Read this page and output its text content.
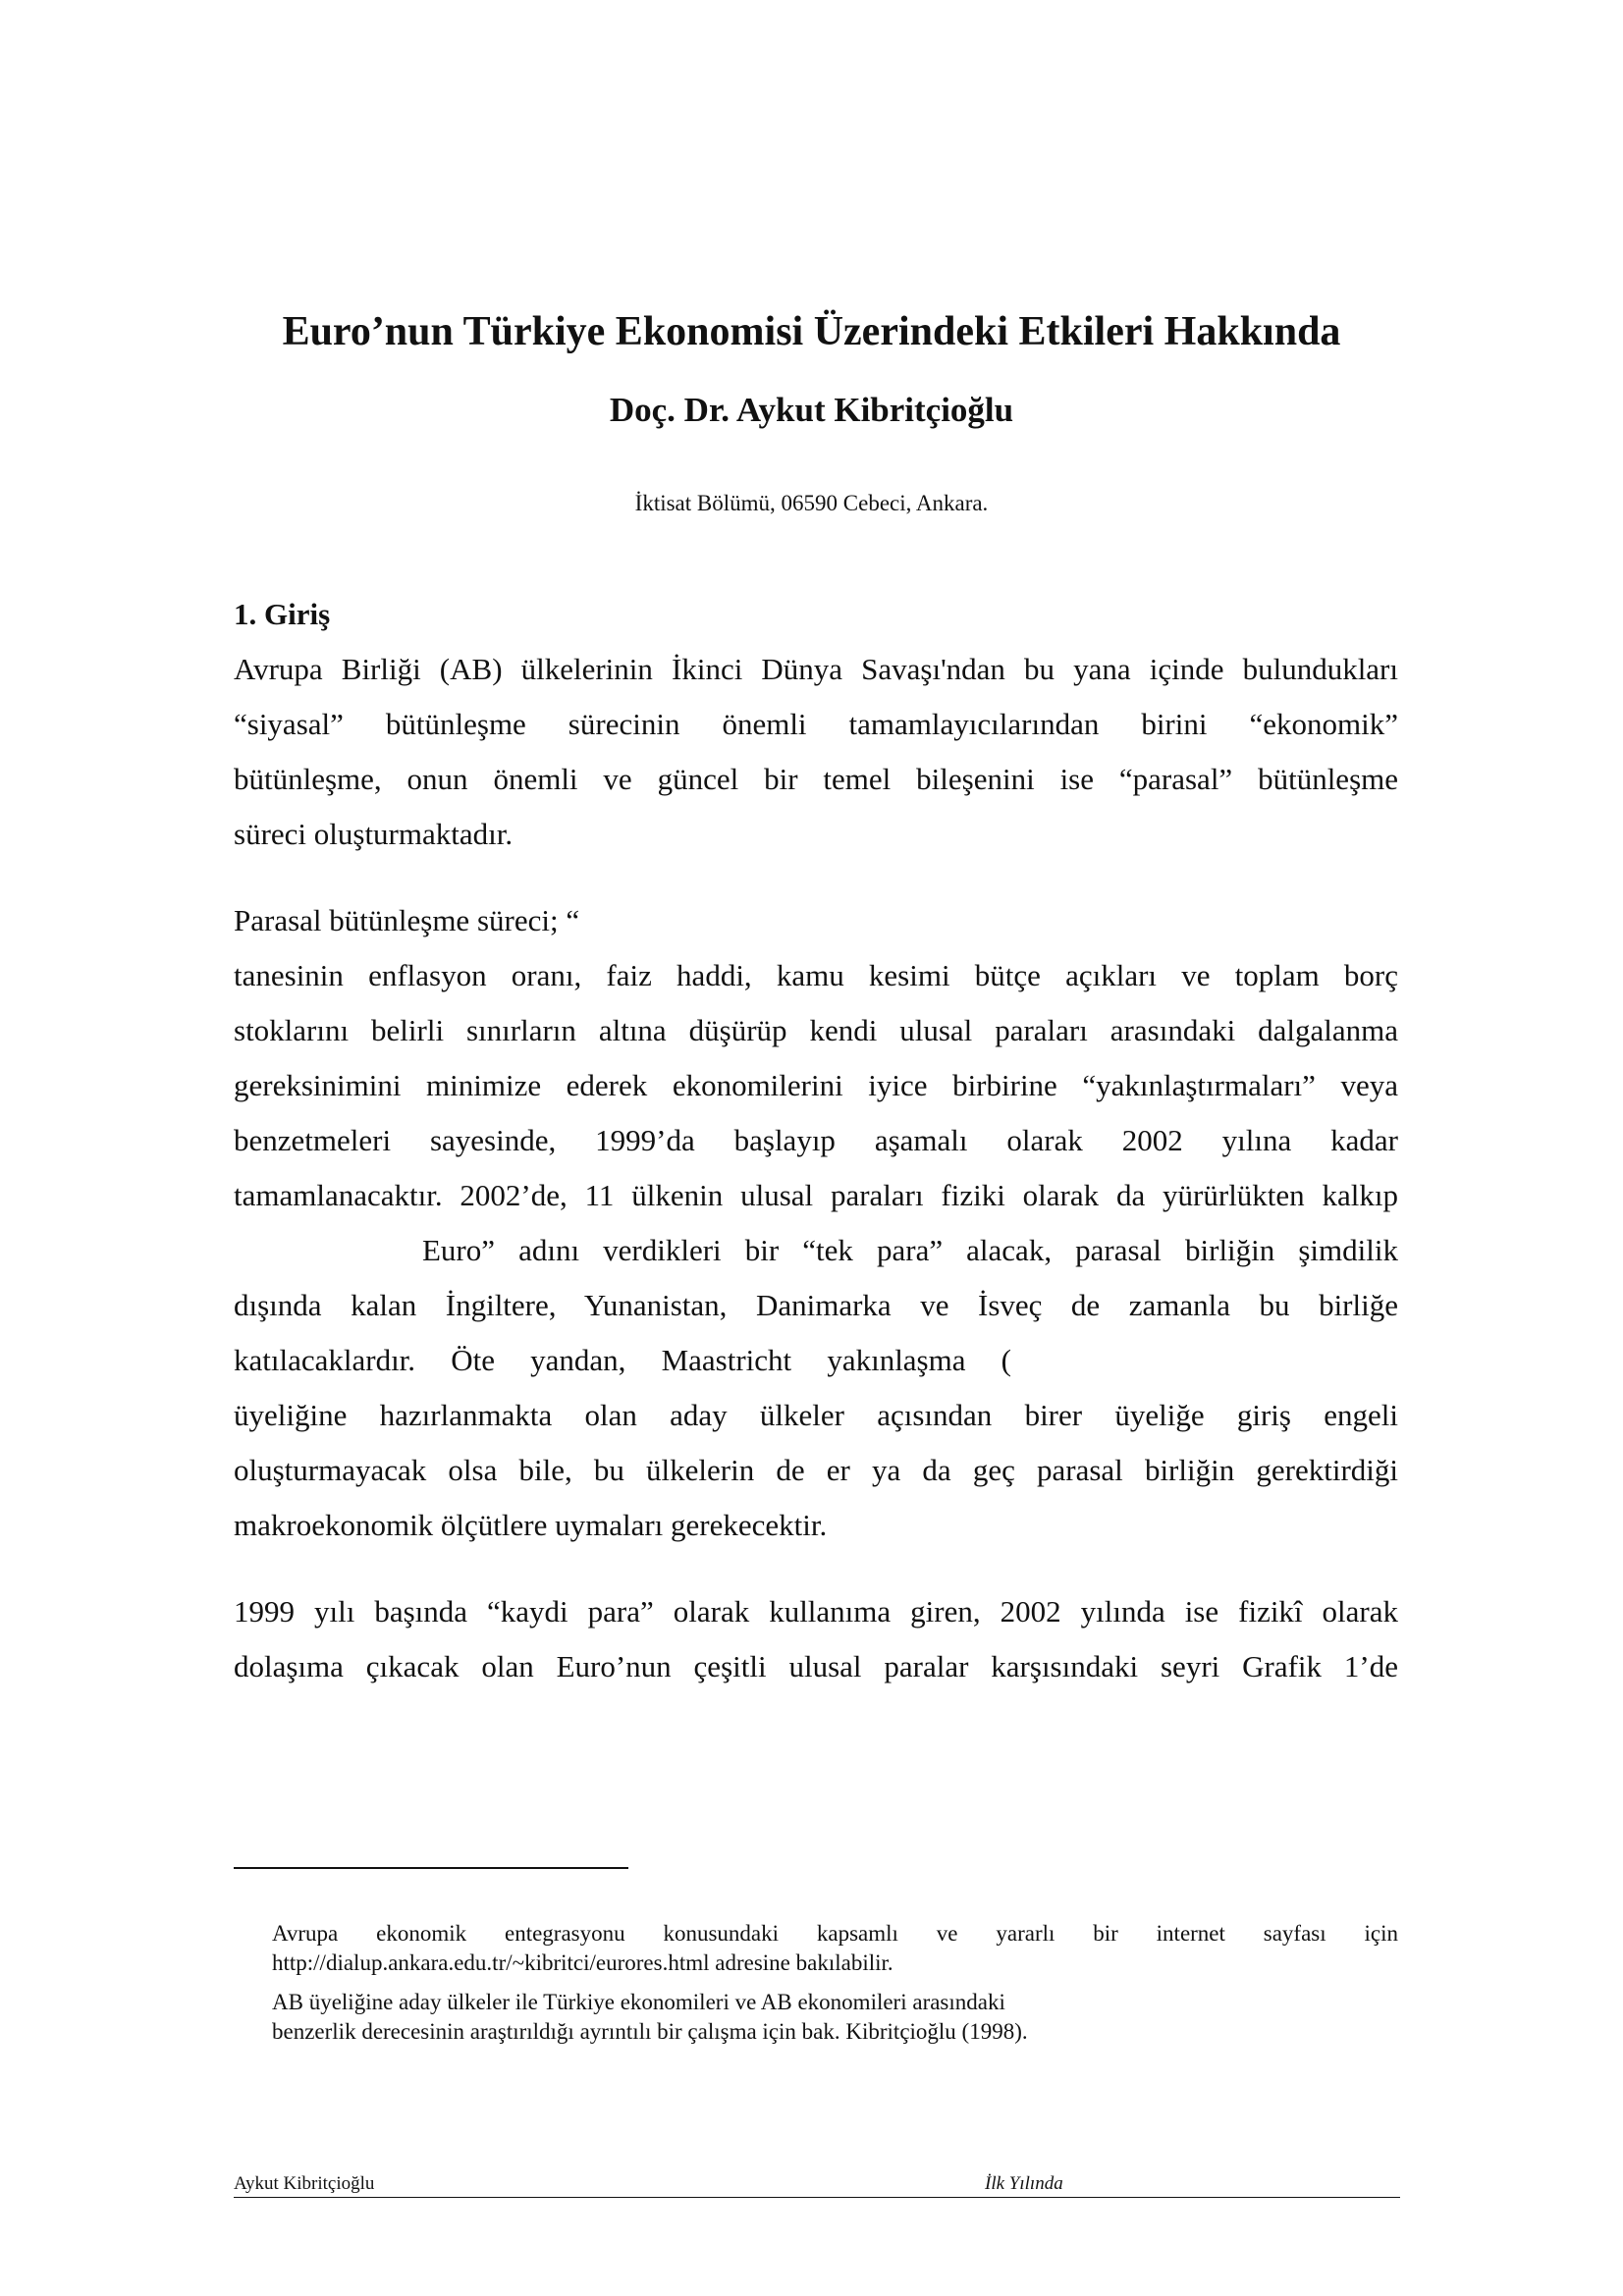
Euro’nun Türkiye Ekonomisi Üzerindeki Etkileri Hakkında
Doç. Dr. Aykut Kibritçioğlu
İktisat Bölümü, 06590 Cebeci, Ankara.
1. Giriş
Avrupa Birliği (AB) ülkelerinin İkinci Dünya Savaşı'ndan bu yana içinde bulundukları
“siyasal” bütünleşme sürecinin önemli tamamlayıcılarından birini “ekonomik”
bütünleşme, onun önemli ve güncel bir temel bileşenini ise “parasal” bütünleşme
süreci oluşturmaktadır.
Parasal bütünleşme süreci; “
tanesinin enflasyon oranı, faiz haddi, kamu kesimi bütçe açıkları ve toplam borç
stoklarını belirli sınırların altına düşürüp kendi ulusal paraları arasındaki dalgalanma
gereksinimini minimize ederek ekonomilerini iyice birbirine “yakınlaştırmaları” veya
benzetmeleri sayesinde, 1999’da başlayıp aşamalı olarak 2002 yılına kadar
tamamlanacaktır. 2002’de, 11 ülkenin ulusal paraları fiziki olarak da yürürlükten kalkıp
Euro” adını verdikleri bir “tek para” alacak, parasal birliğin şimdilik
dışında kalan İngiltere, Yunanistan, Danimarka ve İsveç de zamanla bu birliğe
katılacaklardır. Öte yandan, Maastricht yakınlaşma (
üyeliğine hazırlanmakta olan aday ülkeler açısından birer üyeliğe giriş engeli
oluşturmayacak olsa bile, bu ülkelerin de er ya da geç parasal birliğin gerektirdiği
makroekonomik ölçütlere uymaları gerekecektir.
1999 yılı başında “kaydi para” olarak kullanıma giren, 2002 yılında ise fizikî olarak
dolaşıma çıkacak olan Euro’nun çeşitli ulusal paralar karşısındaki seyri Grafik 1’de
Avrupa ekonomik entegrasyonu konusundaki kapsamlı ve yararlı bir internet sayfası için
http://dialup.ankara.edu.tr/~kibritci/eurores.html adresine bakılabilir.
AB üyeliğine aday ülkeler ile Türkiye ekonomileri ve AB ekonomileri arasındaki
benzerlik derecesinin araştırıldığı ayrıntılı bir çalışma için bak. Kibritçioğlu (1998).
Aykut Kibritçioğlu	İlk Yılında
